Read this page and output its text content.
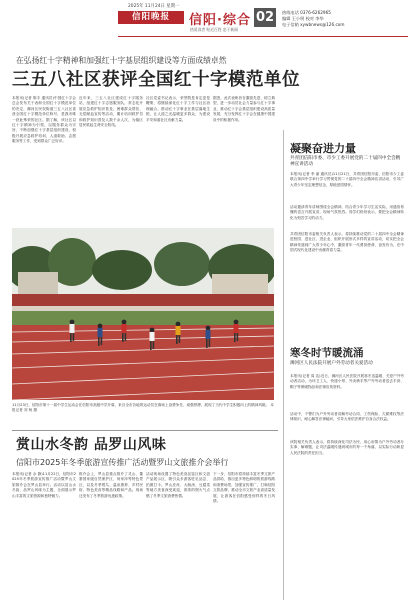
2025年 11月24日 星期一
信阳晚报	信阳·综合
热爱读者 贴近百姓 忠于新闻
02	热线电话 0376-6262965
编辑 王小明 校对 李华
电子信箱 xywbnews@126.com
在弘扬红十字精神和加强红十字基层组织建设等方面成绩卓然
三五八社区获评全国红十字模范单位
本报讯(记者 陈丰 通讯员)中国红十字会总会发布关于表彰全国红十字模范单位的决定，浉河区民权街道三五八社区喜获全国红十字模范单位称号，是我市唯一获此殊荣的社区。据了解，该社区以红十字精神为引领，以服务群众为宗旨，不断加强红十字基层组织建设，积极开展应急救护培训、人道救助、志愿服务等工作，受到群众广泛好评。
近年来，三五八社区建成红十字服务站，组建红十字志愿服务队，常态化开展应急救护知识普及、困难群众帮扶、无偿献血宣传等活动，累计培训救护员和救护知识普及人数千余人次，为辖区居民筑起生命安全防线。
社区党委书记表示，荣誉既是肯定更是鞭策，将继续深化红十字工作与社区治理融合，推动红十字事业在基层落地生根，让人道之光温暖更多群众，为建设平安和谐社区贡献力量。
据悉，此次表彰旨在激励先进、树立典型，进一步动员社会力量参与红十字事业，推动红十字会基层组织建设高质量发展，充分发挥红十字会在健康中国建设中的积极作用。
11月23日，信阳市第十一届中学生运动会在信阳市高级中学开幕，来自全市各地的运动员在赛场上奋勇争先、顽强拼搏，展现了当代中学生积极向上的精神风貌。 本报记者 刘 杨 摄
凝聚奋进力量
共青团信阳市委、市少工委开展党的二十届四中全会精神宣讲活动
本报讯(记者 李 丽 通讯员)11月21日，共青团信阳市委、信阳市少工委联合第四中学举行学习贯彻党的二十届四中全会精神宣讲活动，引导广大青少年坚定理想信念，厚植爱国情怀。
活动邀请青年讲师围绕全会精神，结合青少年学习生活实际，用通俗易懂的语言开展宣讲，现场气氛热烈。同学们纷纷表示，要把全会精神转化为刻苦学习的动力。
共青团信阳市委相关负责人表示，将持续推动党的二十届四中全会精神进校园、进社区、进企业，组织开展形式多样的宣讲活动，切实把全会精神传递到广大青少年心中，激励青年一代勇担使命、奋发有为，在中国式现代化建设中贡献青春力量。
寒冬时节暖流涌
浉河区人民法院开展户外劳动者关爱活动
本报讯(记者 周 洁)近日，浉河区人民法院开展寒冬送温暖、关爱户外劳动者活动，为环卫工人、快递小哥、外卖骑手等户外劳动者送去手套、帽子等保暖物品和法律宣传资料。
活动中，干警们为户外劳动者讲解劳动合同、工伤保险、欠薪维权等法律知识，耐心解答法律疑问，引导大家依法维护自身合法权益。
该院相关负责人表示，将持续深化司法为民，用心用情为户外劳动者办实事、解难题，让司法温暖传递到城市的每一个角落，以实际行动彰显人民法院的责任担当。
赏山水冬韵 品罗山风味
信阳市2025年冬季旅游宣传推广活动暨罗山文旅推介会举行
本报讯(记者 余 静)11月22日，信阳市2025年冬季旅游宣传推广活动暨罗山文旅推介会在罗山县举行。活动以赏山水冬韵、品罗山风味为主题，全面展示罗山丰富的文旅资源和独特魅力。
推介会上，罗山县重点推介了灵山、董寨国家级自然保护区、何家冲等特色景区，以及冬季观鸟、温泉康养、乡村民宿、特色美食等精品线路和产品。现场还发布了冬季旅游优惠政策。
活动现场设置了特色美食品鉴区和文创产品展示区，吸引众多游客驻足品尝、拍照打卡。罗山皮丝、大肠汤、豆腐菜等地方美食深受欢迎，浓浓的烟火气点燃了冬季文旅消费热情。
下一步，信阳市将持续丰富冬季文旅产品供给，推出更多特色鲜明的旅游线路和消费场景，加强宣传推广，打响信阳文旅品牌，推动全市文旅产业高质量发展，让游客在信阳感受别样的冬日风情。
